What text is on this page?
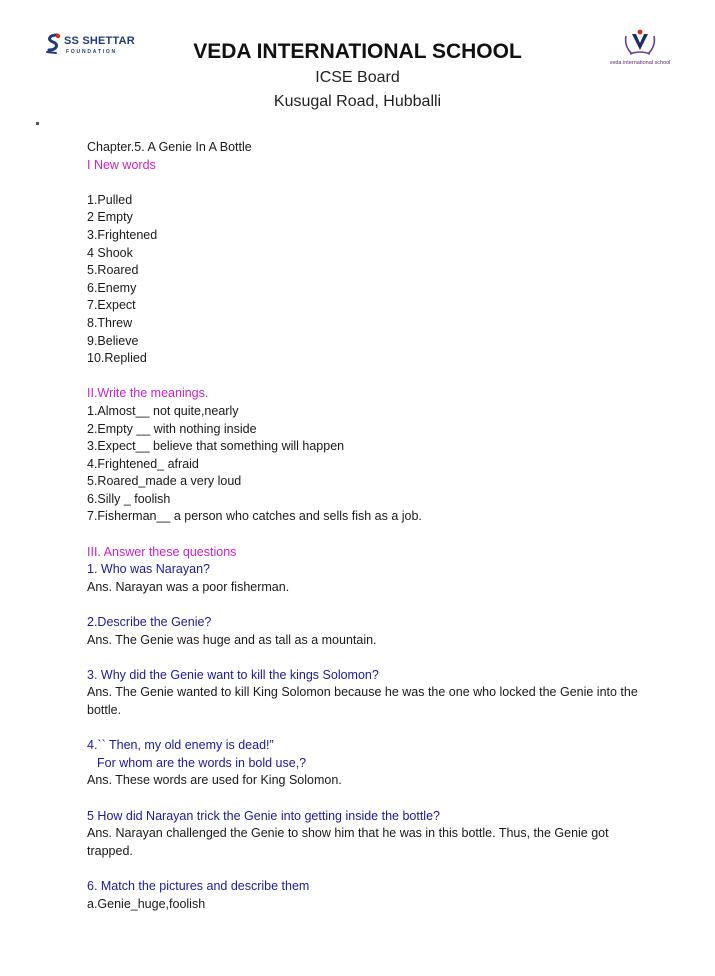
SS SHETTAR
FOUNDATION
veda international school
VEDA INTERNATIONAL SCHOOL
ICSE Board
Kusugal Road, Hubballi
Chapter.5. A Genie In A Bottle
I New words
1.Pulled
2 Empty
3.Frightened
4 Shook
5.Roared
6.Enemy
7.Expect
8.Threw
9.Believe
10.Replied
II.Write the meanings.
1.Almost__ not quite,nearly
2.Empty __ with nothing inside
3.Expect__ believe that something will happen
4.Frightened_ afraid
5.Roared_made a very loud
6.Silly _ foolish
7.Fisherman__ a person who catches and sells fish as a job.
III. Answer these questions
1. Who was Narayan?
Ans. Narayan was a poor fisherman.
2.Describe the Genie?
Ans. The Genie was huge and as tall as a mountain.
3. Why did the Genie want to kill the kings Solomon?
Ans. The Genie wanted to kill King Solomon because he was the one who locked the Genie into the bottle.
4.`` Then, my old enemy is dead!”
For whom are the words in bold use,?
Ans. These words are used for King Solomon.
5 How did Narayan trick the Genie into getting inside the bottle?
Ans. Narayan challenged the Genie to show him that he was in this bottle. Thus, the Genie got trapped.
6. Match the pictures and describe them
a.Genie_huge,foolish
